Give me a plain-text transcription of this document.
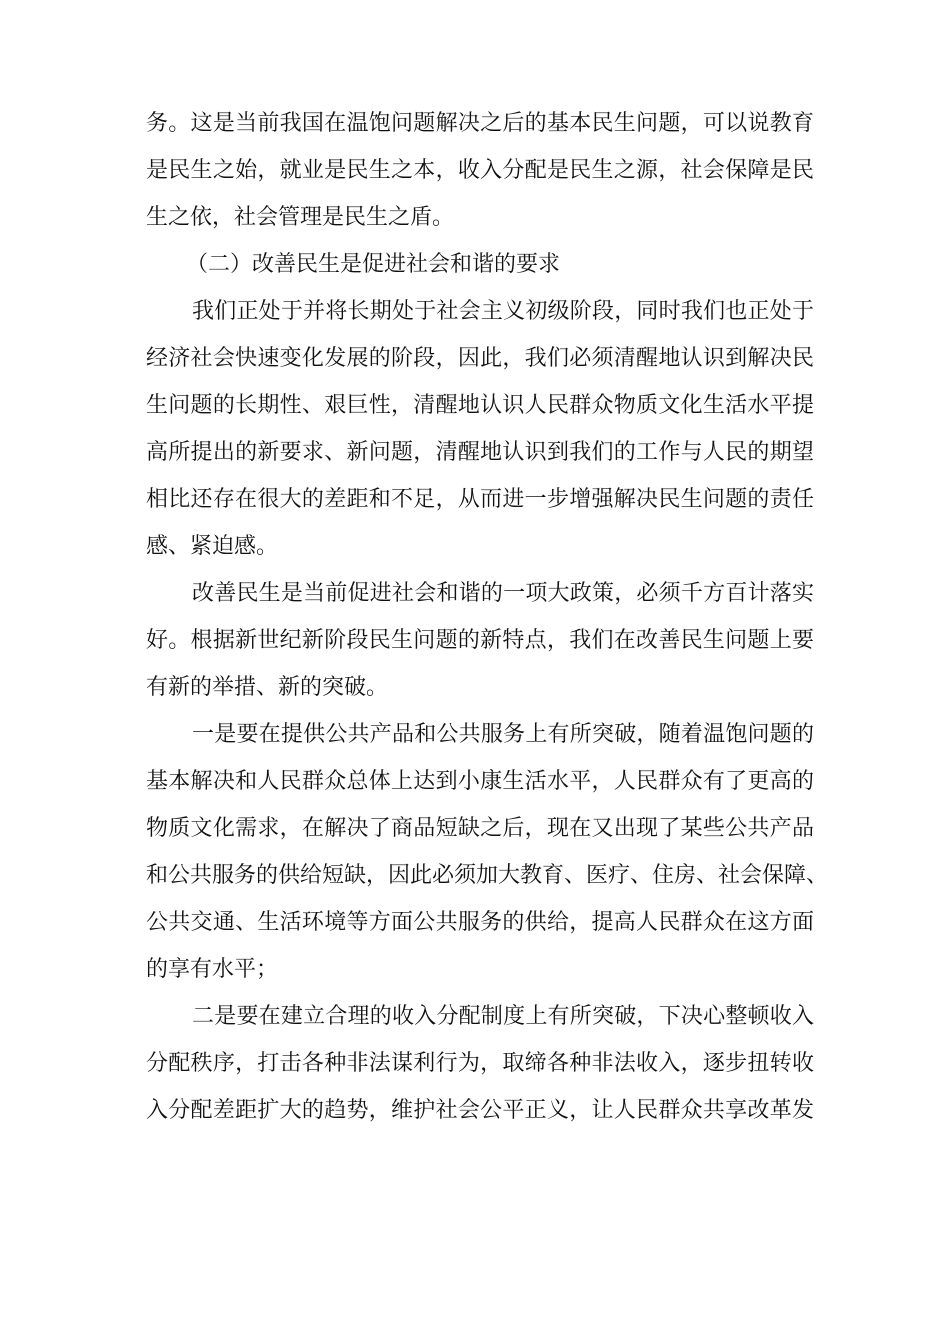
务。这是当前我国在温饱问题解决之后的基本民生问题，可以说教育
是民生之始，就业是民生之本，收入分配是民生之源，社会保障是民
生之依，社会管理是民生之盾。
（二）改善民生是促进社会和谐的要求
我们正处于并将长期处于社会主义初级阶段，同时我们也正处于
经济社会快速变化发展的阶段，因此，我们必须清醒地认识到解决民
生问题的长期性、艰巨性，清醒地认识人民群众物质文化生活水平提
高所提出的新要求、新问题，清醒地认识到我们的工作与人民的期望
相比还存在很大的差距和不足，从而进一步增强解决民生问题的责任
感、紧迫感。
改善民生是当前促进社会和谐的一项大政策，必须千方百计落实
好。根据新世纪新阶段民生问题的新特点，我们在改善民生问题上要
有新的举措、新的突破。
一是要在提供公共产品和公共服务上有所突破，随着温饱问题的
基本解决和人民群众总体上达到小康生活水平，人民群众有了更高的
物质文化需求，在解决了商品短缺之后，现在又出现了某些公共产品
和公共服务的供给短缺，因此必须加大教育、医疗、住房、社会保障、
公共交通、生活环境等方面公共服务的供给，提高人民群众在这方面
的享有水平；
二是要在建立合理的收入分配制度上有所突破，下决心整顿收入
分配秩序，打击各种非法谋利行为，取缔各种非法收入，逐步扭转收
入分配差距扩大的趋势，维护社会公平正义，让人民群众共享改革发
